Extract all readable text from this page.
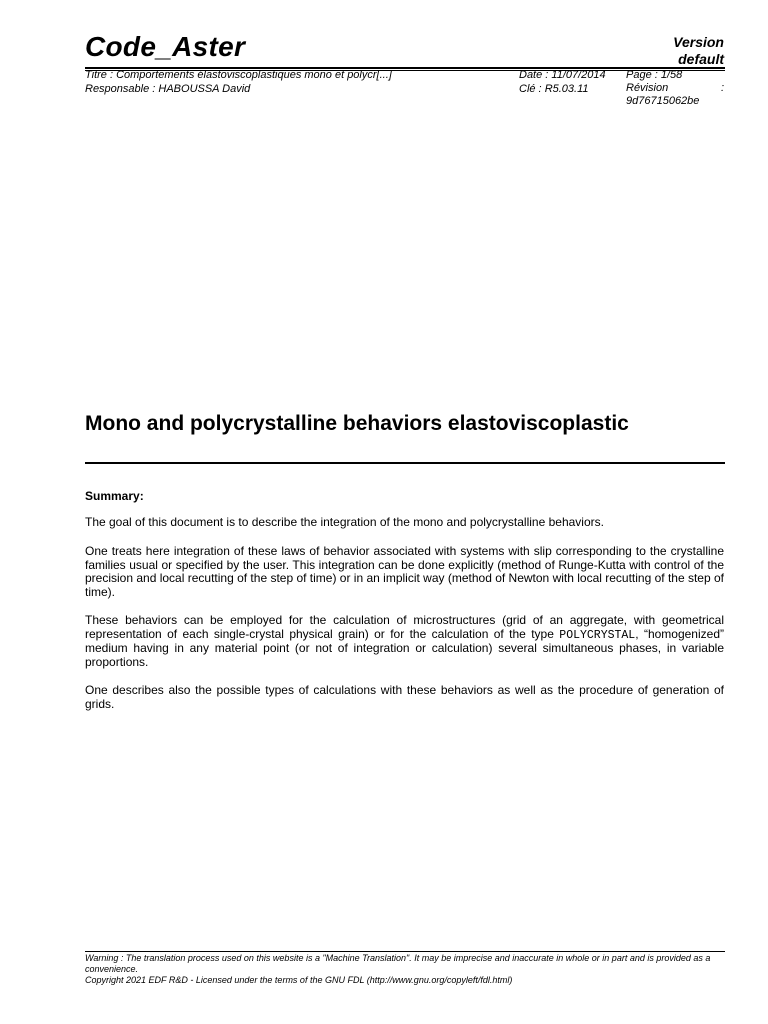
Code_Aster	Version
default
Titre : Comportements élastoviscoplastiques mono et polycr[...]
Responsable : HABOUSSA David
Date : 11/07/2014
Clé : R5.03.11
Page : 1/58
Révision	:
9d76715062be
Mono and polycrystalline behaviors elastoviscoplastic
Summary:
The goal of this document is to describe the integration of the mono and polycrystalline behaviors.
One treats here integration of these laws of behavior associated with systems with slip corresponding to the crystalline families usual or specified by the user. This integration can be done explicitly (method of Runge-Kutta with control of the precision and local recutting of the step of time) or in an implicit way (method of Newton with local recutting of the step of time).
These behaviors can be employed for the calculation of microstructures (grid of an aggregate, with geometrical representation of each single-crystal physical grain) or for the calculation of the type POLYCRYSTAL, “homogenized” medium having in any material point (or not of integration or calculation) several simultaneous phases, in variable proportions.
One describes also the possible types of calculations with these behaviors as well as the procedure of generation of grids.
Warning : The translation process used on this website is a "Machine Translation". It may be imprecise and inaccurate in whole or in part and is provided as a convenience.
Copyright 2021 EDF R&D - Licensed under the terms of the GNU FDL (http://www.gnu.org/copyleft/fdl.html)
